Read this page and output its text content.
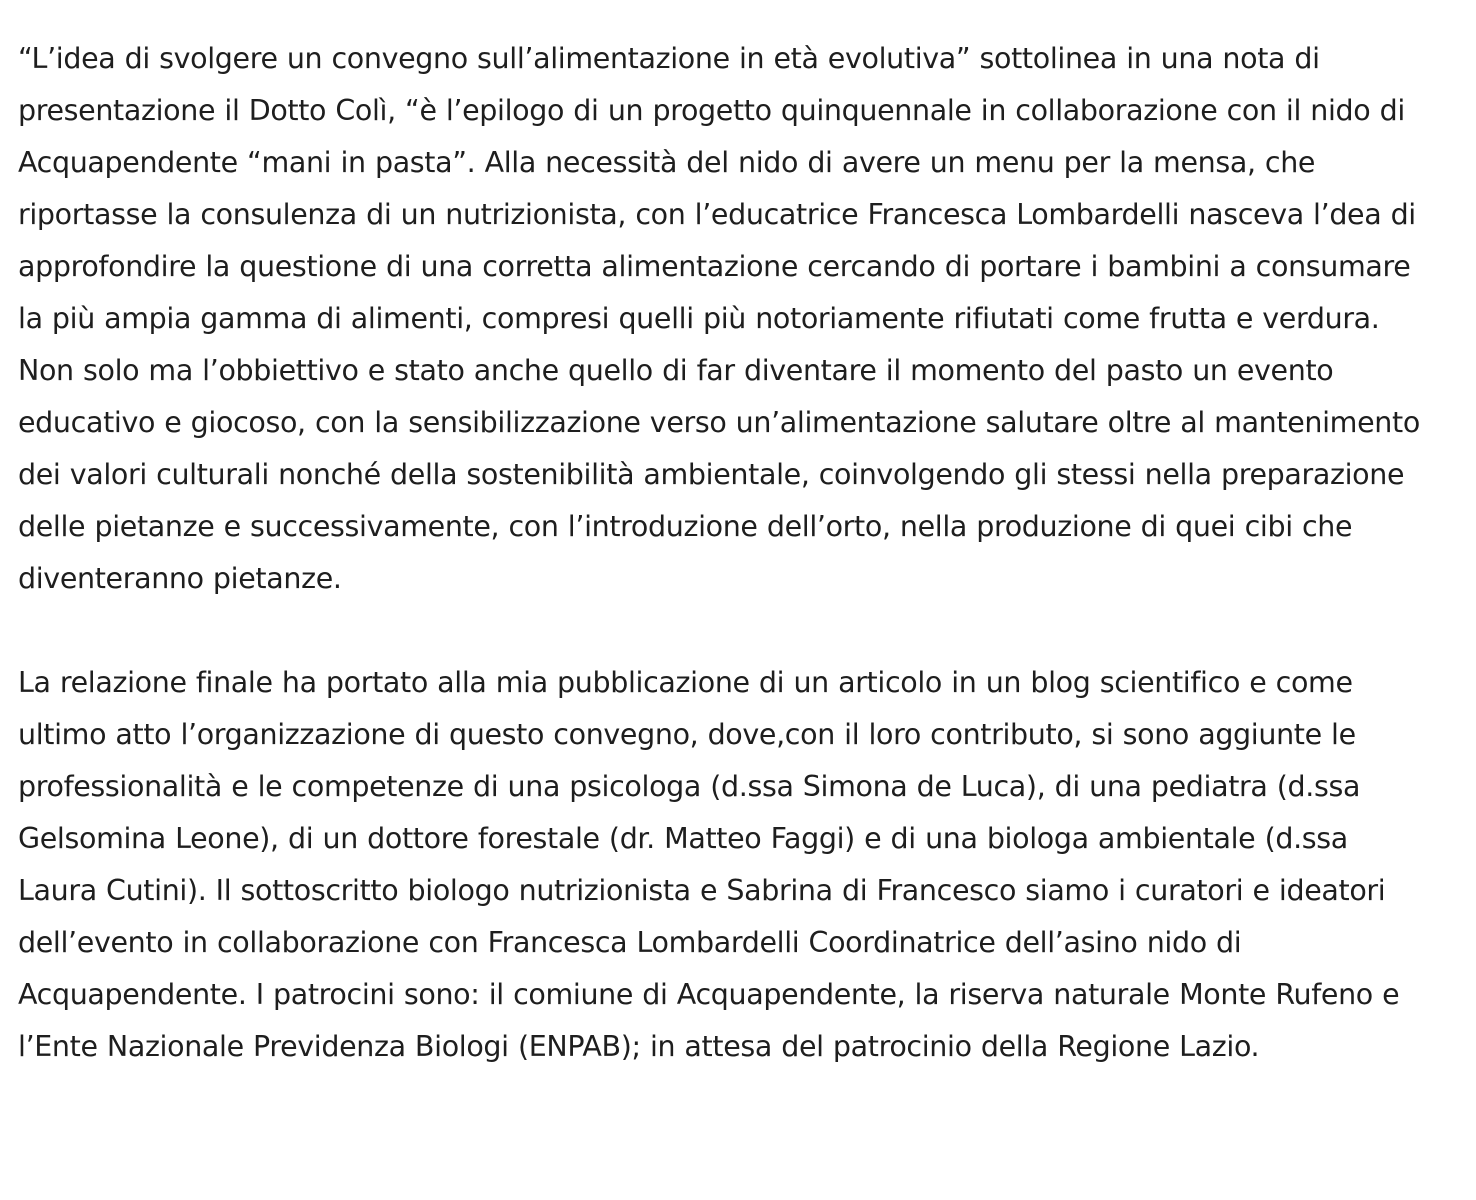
“L’idea di svolgere un convegno sull’alimentazione in età evolutiva” sottolinea in una nota di presentazione il Dotto Colì, “è l’epilogo di un progetto quinquennale in collaborazione con il nido di Acquapendente “mani in pasta”. Alla necessità del nido di avere un menu per la mensa, che riportasse la consulenza di un nutrizionista, con l’educatrice Francesca Lombardelli nasceva l’dea di approfondire la questione di una corretta alimentazione cercando di portare i bambini a consumare la più ampia gamma di alimenti, compresi quelli più notoriamente rifiutati come frutta e verdura. Non solo ma l’obbiettivo e stato anche quello di far diventare il momento del pasto un evento educativo e giocoso, con la sensibilizzazione verso un’alimentazione salutare oltre al mantenimento dei valori culturali nonché della sostenibilità ambientale, coinvolgendo gli stessi nella preparazione delle pietanze e successivamente, con l’introduzione dell’orto, nella produzione di quei cibi che diventeranno pietanze.

La relazione finale ha portato alla mia pubblicazione di un articolo in un blog scientifico e come ultimo atto l’organizzazione di questo convegno, dove,con il loro contributo, si sono aggiunte le professionalità e le competenze di una psicologa (d.ssa Simona de Luca), di una pediatra (d.ssa Gelsomina Leone), di un dottore forestale (dr. Matteo Faggi) e di una biologa ambientale (d.ssa Laura Cutini). Il sottoscritto biologo nutrizionista e Sabrina di Francesco siamo i curatori e ideatori dell’evento in collaborazione con Francesca Lombardelli Coordinatrice dell’asino nido di Acquapendente. I patrocini sono: il comiune di Acquapendente, la riserva naturale Monte Rufeno e l’Ente Nazionale Previdenza Biologi (ENPAB); in attesa del patrocinio della Regione Lazio.
